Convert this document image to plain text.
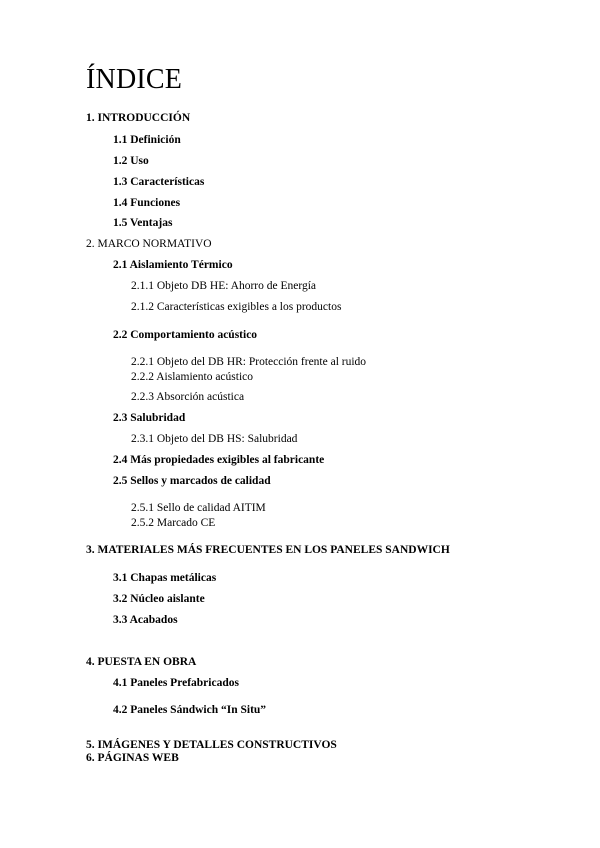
ÍNDICE
1. INTRODUCCIÓN
1.1 Definición
1.2 Uso
1.3 Características
1.4 Funciones
1.5 Ventajas
2. MARCO NORMATIVO
2.1 Aislamiento Térmico
2.1.1 Objeto DB HE: Ahorro de Energía
2.1.2 Características exigibles a los productos
2.2 Comportamiento acústico
2.2.1 Objeto del DB HR: Protección frente al ruido
2.2.2 Aislamiento acústico
2.2.3 Absorción acústica
2.3 Salubridad
2.3.1 Objeto del DB HS: Salubridad
2.4 Más propiedades exigibles al fabricante
2.5 Sellos y marcados de calidad
2.5.1 Sello de calidad AITIM
2.5.2 Marcado CE
3. MATERIALES MÁS FRECUENTES EN LOS PANELES SANDWICH
3.1 Chapas metálicas
3.2 Núcleo aislante
3.3 Acabados
4. PUESTA EN OBRA
4.1 Paneles Prefabricados
4.2 Paneles Sándwich “In Situ”
5. IMÁGENES Y DETALLES CONSTRUCTIVOS
6. PÁGINAS WEB
